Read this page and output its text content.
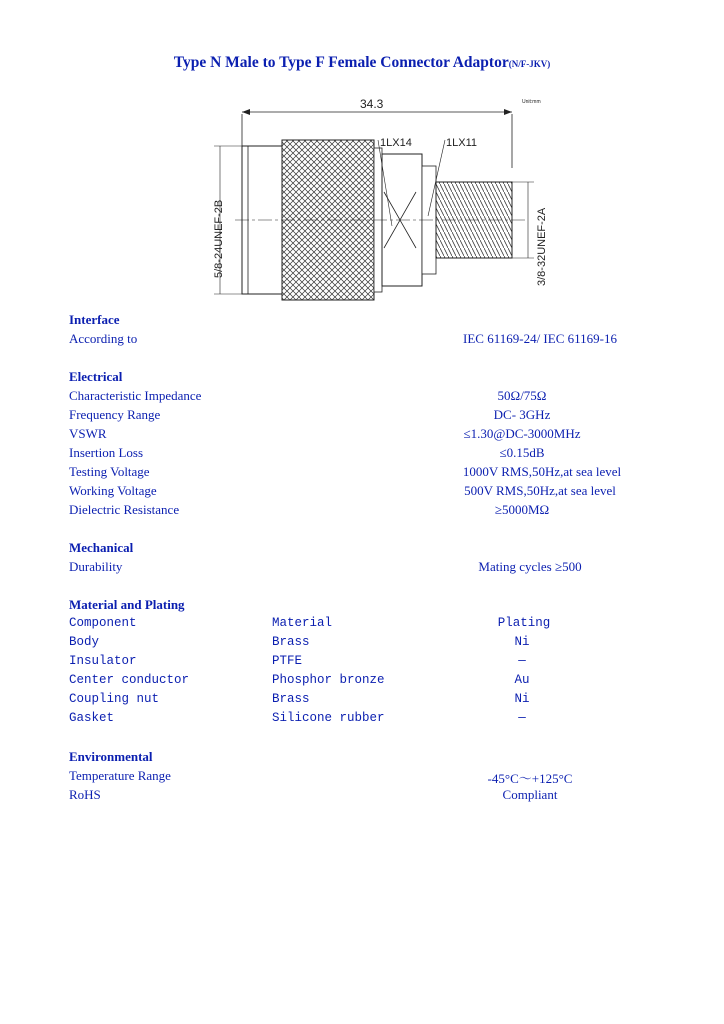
Type N Male to Type F Female Connector Adaptor(N/F-JKV)
34.3	Unit:mm
1LX14	1LX11
5/8-24UNEF-2B	3/8-32UNEF-2A
Interface
According to	IEC 61169-24/ IEC 61169-16
Electrical
Characteristic Impedance	50Ω/75Ω
Frequency Range	DC- 3GHz
VSWR	≤1.30@DC-3000MHz
Insertion Loss	≤0.15dB
Testing Voltage	1000V RMS,50Hz,at sea level
Working Voltage	500V RMS,50Hz,at sea level
Dielectric Resistance	≥5000MΩ
Mechanical
Durability	Mating cycles ≥500
Material and Plating
Component	Material	Plating
Body	Brass	Ni
Insulator	PTFE	—
Center conductor	Phosphor bronze	Au
Coupling nut	Brass	Ni
Gasket	Silicone rubber	—
Environmental
Temperature Range	-45°C～+125°C
RoHS	Compliant
